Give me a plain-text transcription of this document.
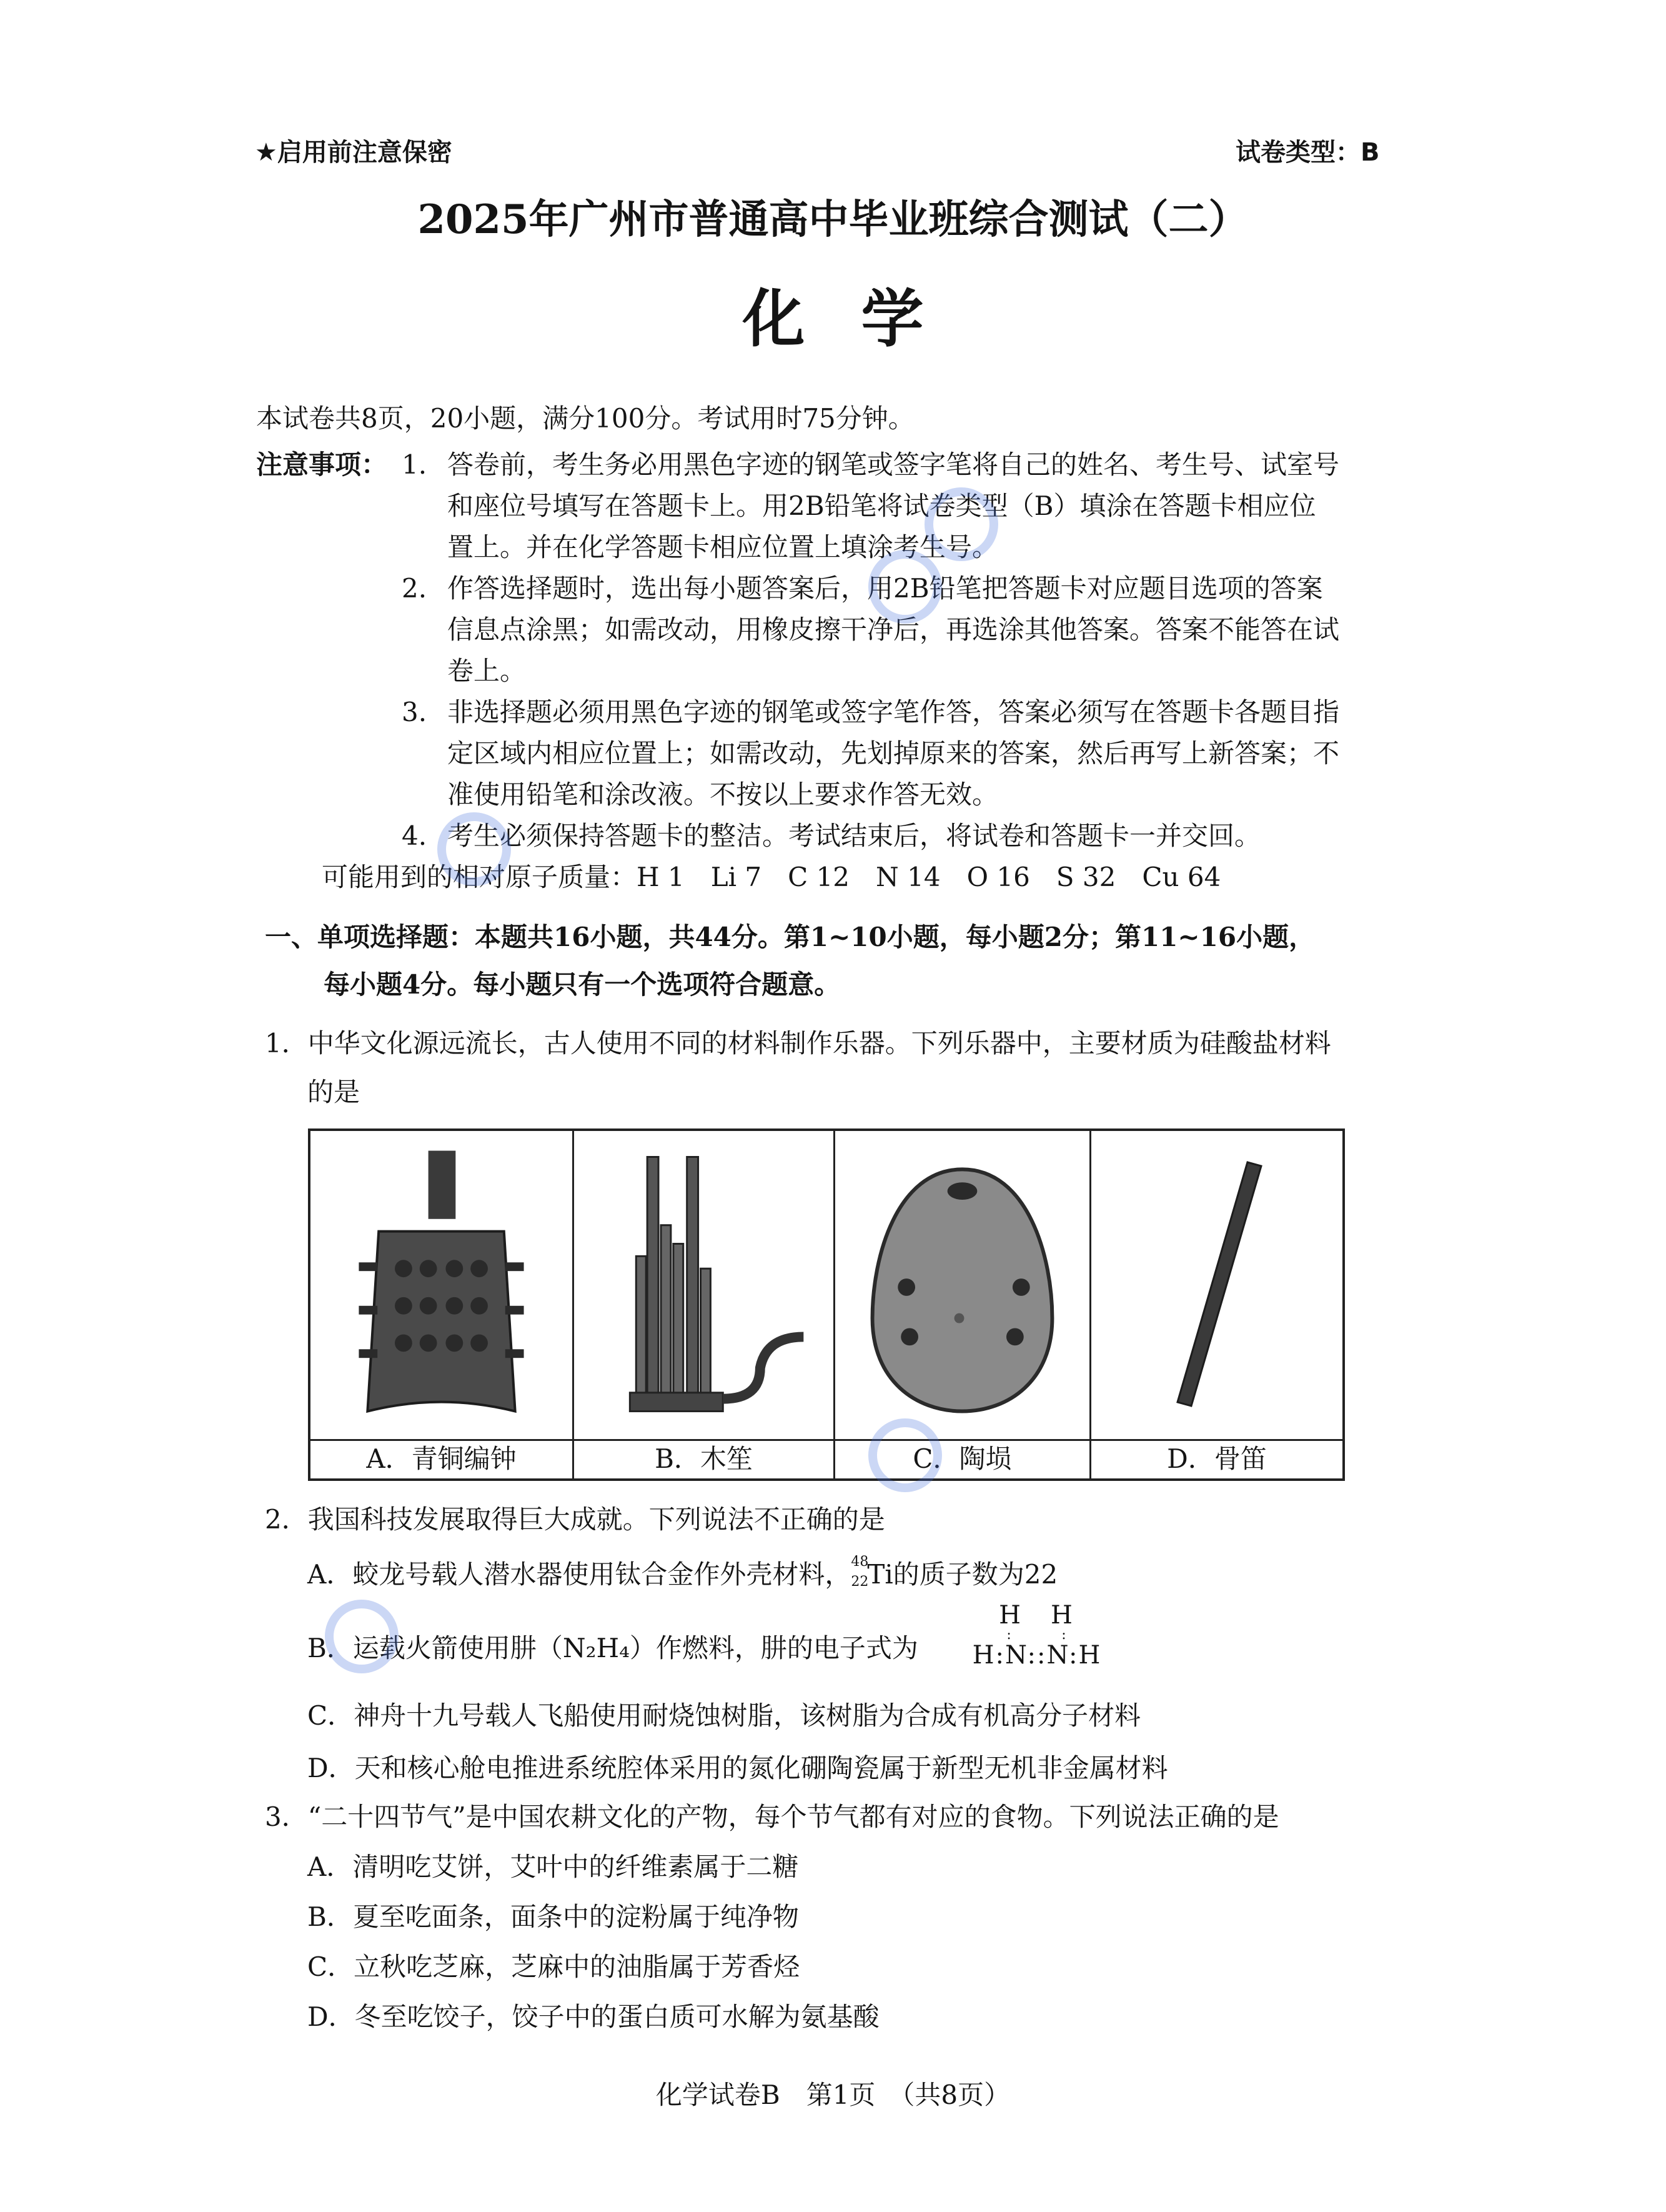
★启用前注意保密	试卷类型：B
2025年广州市普通高中毕业班综合测试（二）
化学
本试卷共8页，20小题，满分100分。考试用时75分钟。
注意事项： 1. 答卷前，考生务必用黑色字迹的钢笔或签字笔将自己的姓名、考生号、试室号
和座位号填写在答题卡上。用2B铅笔将试卷类型（B）填涂在答题卡相应位
置上。并在化学答题卡相应位置上填涂考生号。
2. 作答选择题时，选出每小题答案后，用2B铅笔把答题卡对应题目选项的答案
信息点涂黑；如需改动，用橡皮擦干净后，再选涂其他答案。答案不能答在试
卷上。
3. 非选择题必须用黑色字迹的钢笔或签字笔作答，答案必须写在答题卡各题目指
定区域内相应位置上；如需改动，先划掉原来的答案，然后再写上新答案；不
准使用铅笔和涂改液。不按以上要求作答无效。
4. 考生必须保持答题卡的整洁。考试结束后，将试卷和答题卡一并交回。
可能用到的相对原子质量：H 1　Li 7　C 12　N 14　O 16　S 32　Cu 64
一、单项选择题：本题共16小题，共44分。第1~10小题，每小题2分；第11~16小题，
每小题4分。每小题只有一个选项符合题意。
1．中华文化源远流长，古人使用不同的材料制作乐器。下列乐器中，主要材质为硅酸盐材料
的是
A．青铜编钟	B．木笙	C．陶埙	D．骨笛
2．我国科技发展取得巨大成就。下列说法不正确的是
A．蛟龙号载人潜水器使用钛合金作外壳材料， 48
22
Ti的质子数为22
B．运载火箭使用肼（N₂H₄）作燃料，肼的电子式为
H　H
: :
H:N::N:H
C．神舟十九号载人飞船使用耐烧蚀树脂，该树脂为合成有机高分子材料
D．天和核心舱电推进系统腔体采用的氮化硼陶瓷属于新型无机非金属材料
3．“二十四节气”是中国农耕文化的产物，每个节气都有对应的食物。下列说法正确的是
A．清明吃艾饼，艾叶中的纤维素属于二糖
B．夏至吃面条，面条中的淀粉属于纯净物
C．立秋吃芝麻，芝麻中的油脂属于芳香烃
D．冬至吃饺子，饺子中的蛋白质可水解为氨基酸
化学试卷B　第1页　（共8页）
